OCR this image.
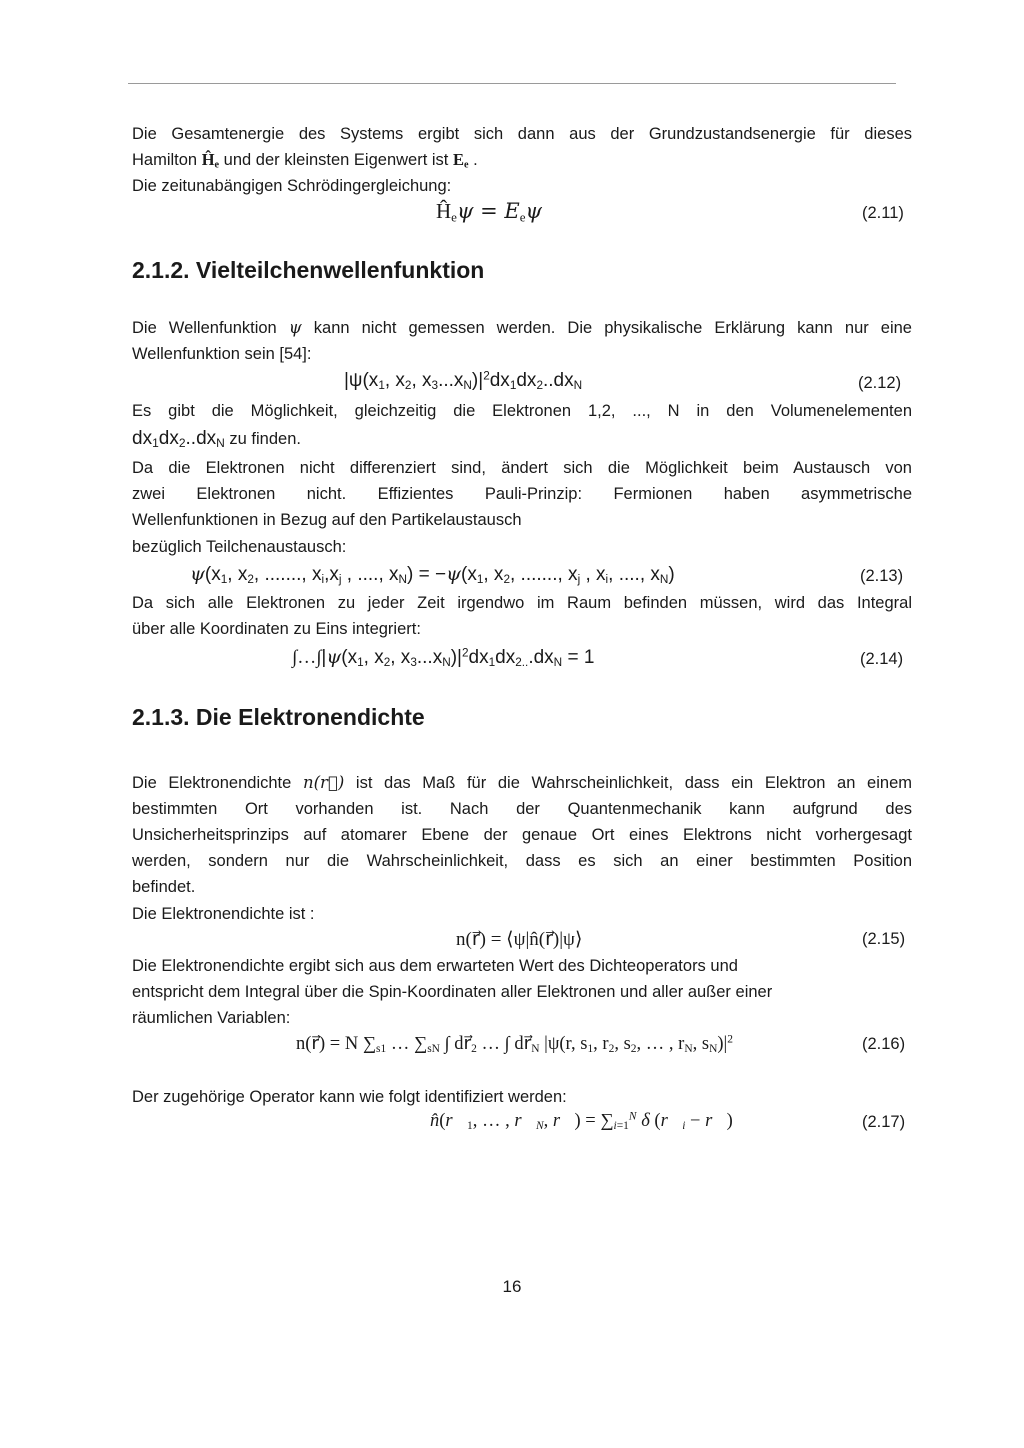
Die Gesamtenergie des Systems ergibt sich dann aus der Grundzustandsenergie für dieses
Hamilton $Ĥ_e$ und der kleinsten Eigenwert ist $E_e$ .
Die zeitunabängigen Schrödingergleichung:
$Ĥ_e\psi = E_e\psi$	(2.11)
2.1.2. Vielteilchenwellenfunktion
Die Wellenfunktion ψ kann nicht gemessen werden. Die physikalische Erklärung kann nur eine
Wellenfunktion sein [54]:
$|\psi(x_1$, $x_2$, $x_3...x_N)|^2dx_1dx_2..dx_N$	(2.12)
Es gibt die Möglichkeit, gleichzeitig die Elektronen 1,2, ..., N in den Volumenelementen
$dx_1dx_2..dx_N$ zu finden.
Da die Elektronen nicht differenziert sind, ändert sich die Möglichkeit beim Austausch von
zwei Elektronen nicht. Effizientes Pauli-Prinzip: Fermionen haben asymmetrische
Wellenfunktionen in Bezug auf den Partikelaustausch
bezüglich Teilchenaustausch:
$\psi(x_1$, $x_2$, ......., $x_i,x_j$ , ...., $x_N) = -\psi(x_1$, $x_2$, ......., $x_j$ , $x_i$, ...., $x_N$)	(2.13)
Da sich alle Elektronen zu jeder Zeit irgendwo im Raum befinden müssen, wird das Integral
über alle Koordinaten zu Eins integriert:
$\int\dots\int|\psi(x_1$, $x_2$, $x_3...x_N)|^2dx_1dx_{2..}.dx_N = 1$	(2.14)
2.1.3. Die Elektronendichte
Die Elektronendichte n(r⃗) ist das Maß für die Wahrscheinlichkeit, dass ein Elektron an einem
bestimmten Ort vorhanden ist. Nach der Quantenmechanik kann aufgrund des
Unsicherheitsprinzips auf atomarer Ebene der genaue Ort eines Elektrons nicht vorhergesagt
werden, sondern nur die Wahrscheinlichkeit, dass es sich an einer bestimmten Position
befindet.
Die Elektronendichte ist :
n(r⃗) = ⟨ψ|n̂(r⃗)|ψ⟩	(2.15)
Die Elektronendichte ergibt sich aus dem erwarteten Wert des Dichteoperators und
entspricht dem Integral über die Spin-Koordinaten aller Elektronen und aller außer einer
räumlichen Variablen:
n(r⃗) = N $\sum_{s1}$ … $\sum_{sN}$ ∫ $dr⃗_2$ … ∫ $dr⃗_N$ |ψ(r, $s_1$, $r_2$, $s_2$, … , $r_N$, $s_N)|^2$	(2.16)
Der zugehörige Operator kann wie folgt identifiziert werden:
$n̂(r⃗_1$, … , $r⃗_N$, r⃗) = $\sum_{i=1}^N$ δ ($r⃗_i$ − r⃗)	(2.17)
16
